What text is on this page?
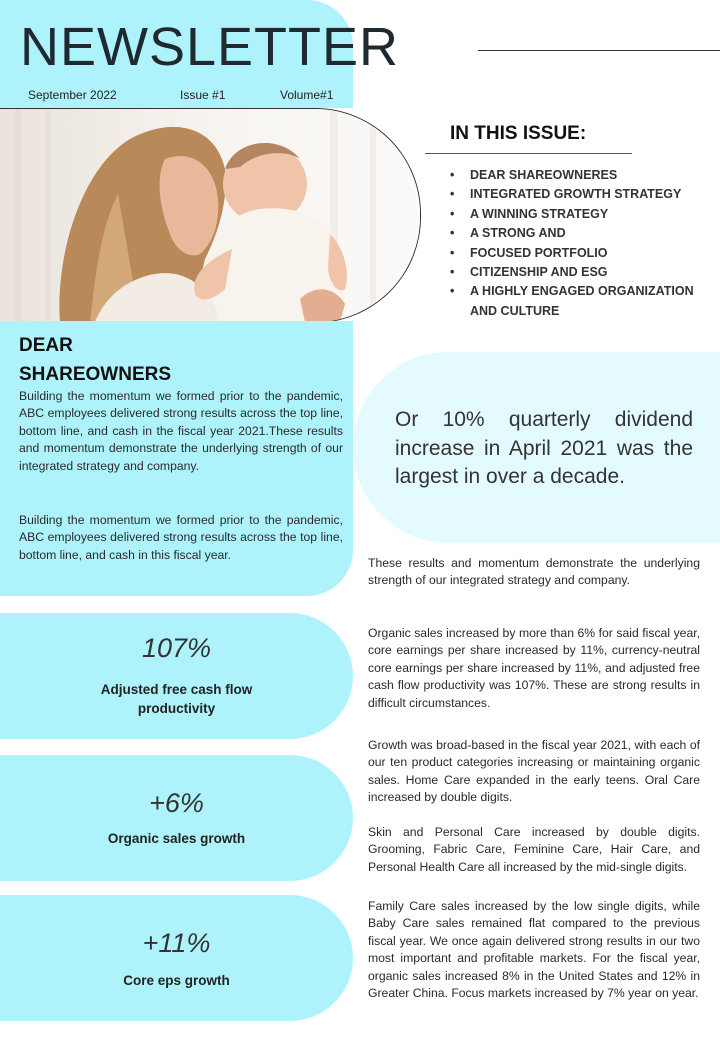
NEWSLETTER
September 2022	Issue #1	Volume#1
IN THIS ISSUE:
• DEAR SHAREOWNERES
• INTEGRATED GROWTH STRATEGY
• A WINNING STRATEGY
• A STRONG AND
• FOCUSED PORTFOLIO
• CITIZENSHIP AND ESG
• A HIGHLY ENGAGED ORGANIZATION AND CULTURE
DEAR SHAREOWNERS
Building the momentum we formed prior to the pandemic, ABC employees delivered strong results across the top line, bottom line, and cash in the fiscal year 2021.These results and momentum demonstrate the underlying strength of our integrated strategy and company.
Building the momentum we formed prior to the pandemic, ABC employees delivered strong results across the top line, bottom line, and cash in this fiscal year.
Or 10% quarterly dividend increase in April 2021 was the largest in over a decade.
107%
Adjusted free cash flow productivity
+6%
Organic sales growth
+11%
Core eps growth
These results and momentum demonstrate the underlying strength of our integrated strategy and company.
Organic sales increased by more than 6% for said fiscal year, core earnings per share increased by 11%, currency-neutral core earnings per share increased by 11%, and adjusted free cash flow productivity was 107%. These are strong results in difficult circumstances.
Growth was broad-based in the fiscal year 2021, with each of our ten product categories increasing or maintaining organic sales. Home Care expanded in the early teens. Oral Care increased by double digits.
Skin and Personal Care increased by double digits. Grooming, Fabric Care, Feminine Care, Hair Care, and Personal Health Care all increased by the mid-single digits.
Family Care sales increased by the low single digits, while Baby Care sales remained flat compared to the previous fiscal year. We once again delivered strong results in our two most important and profitable markets. For the fiscal year, organic sales increased 8% in the United States and 12% in Greater China. Focus markets increased by 7% year on year.
